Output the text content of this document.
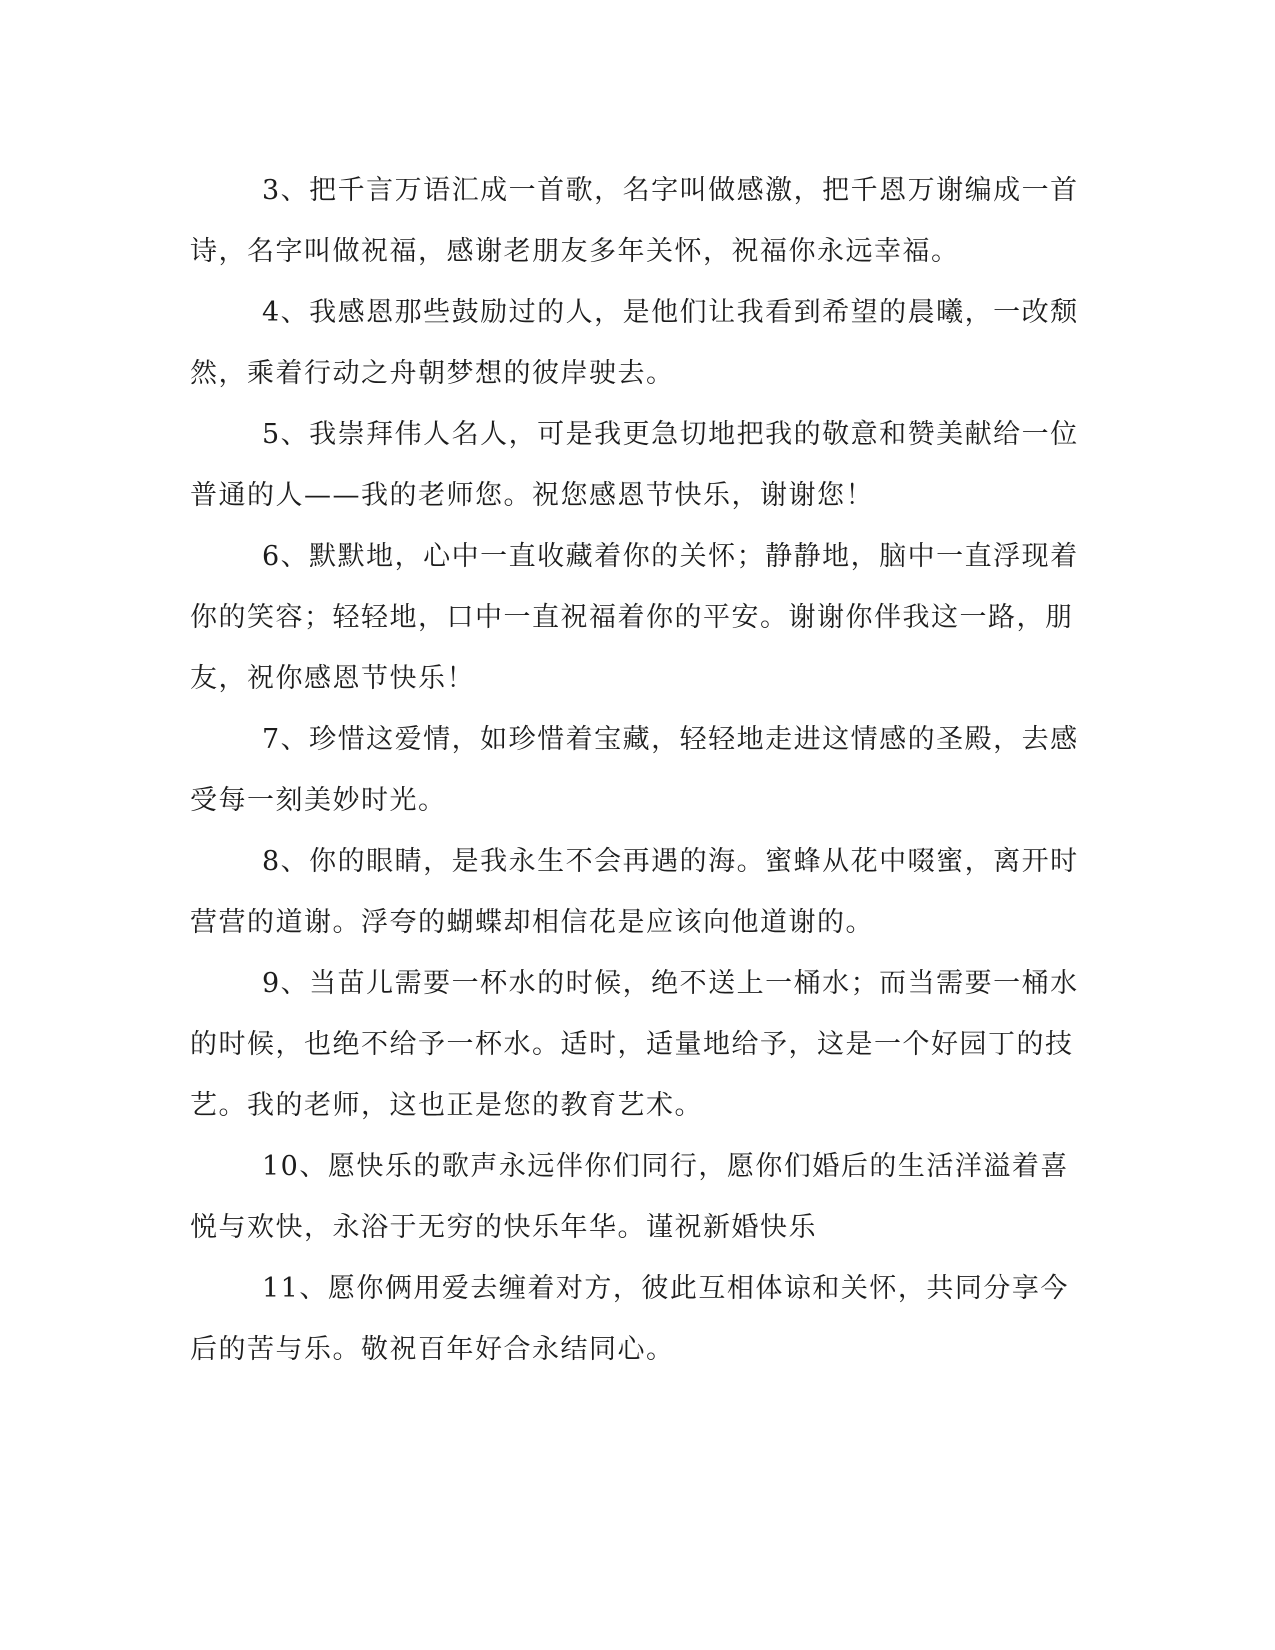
3、把千言万语汇成一首歌，名字叫做感激，把千恩万谢编成一首诗，名字叫做祝福，感谢老朋友多年关怀，祝福你永远幸福。

4、我感恩那些鼓励过的人，是他们让我看到希望的晨曦，一改颓然，乘着行动之舟朝梦想的彼岸驶去。

5、我崇拜伟人名人，可是我更急切地把我的敬意和赞美献给一位普通的人——我的老师您。祝您感恩节快乐，谢谢您！

6、默默地，心中一直收藏着你的关怀；静静地，脑中一直浮现着你的笑容；轻轻地，口中一直祝福着你的平安。谢谢你伴我这一路，朋友，祝你感恩节快乐！

7、珍惜这爱情，如珍惜着宝藏，轻轻地走进这情感的圣殿，去感受每一刻美妙时光。

8、你的眼睛，是我永生不会再遇的海。蜜蜂从花中啜蜜，离开时营营的道谢。浮夸的蝴蝶却相信花是应该向他道谢的。

9、当苗儿需要一杯水的时候，绝不送上一桶水；而当需要一桶水的时候，也绝不给予一杯水。适时，适量地给予，这是一个好园丁的技艺。我的老师，这也正是您的教育艺术。

10、愿快乐的歌声永远伴你们同行，愿你们婚后的生活洋溢着喜悦与欢快，永浴于无穷的快乐年华。谨祝新婚快乐

11、愿你俩用爱去缠着对方，彼此互相体谅和关怀，共同分享今后的苦与乐。敬祝百年好合永结同心。
